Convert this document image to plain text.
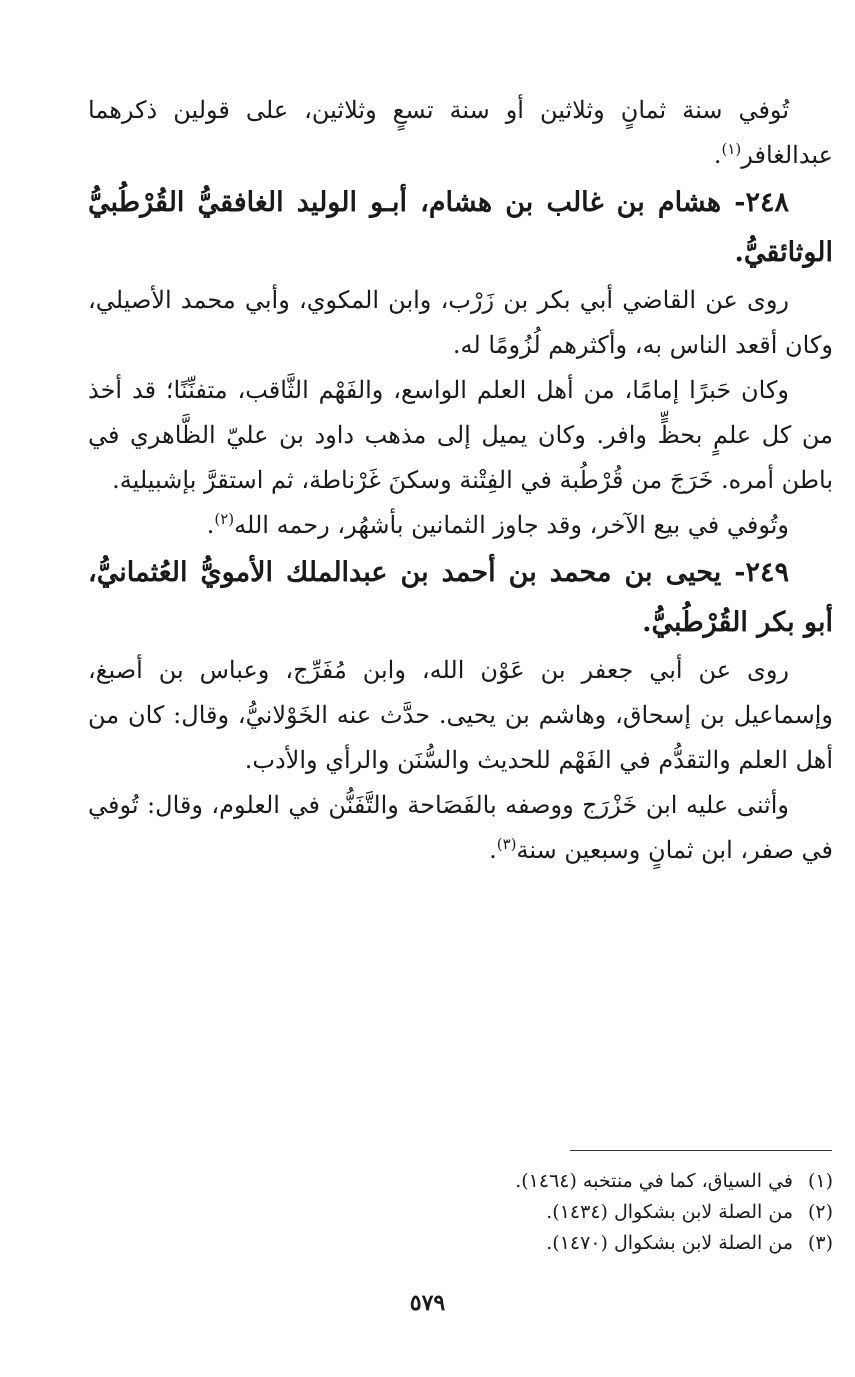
تُوفي سنة ثمانٍ وثلاثين أو سنة تسعٍ وثلاثين، على قولين ذكرهما عبدالغافر$^{(١)}$.

٢٤٨- هشام بن غالب بن هشام، أبـو الوليد الغافقيُّ القُرْطُبيُّ الوثائقيُّ.

روى عن القاضي أبي بكر بن زَرْب، وابن المكوي، وأبي محمد الأصيلي، وكان أقعد الناس به، وأكثرهم لُزُومًا له.

وكان حَبرًا إمامًا، من أهل العلم الواسع، والفَهْم الثَّاقب، متفنِّنًا؛ قد أخذ من كل علمٍ بحظٍّ وافر. وكان يميل إلى مذهب داود بن عليّ الظَّاهري في باطن أمره. خَرَجَ من قُرْطُبة في الفِتْنة وسكنَ غَرْناطة، ثم استقرَّ بإشبيلية.

وتُوفي في بيع الآخر، وقد جاوز الثمانين بأشهُر، رحمه الله$^{(٢)}$.

٢٤٩- يحيى بن محمد بن أحمد بن عبدالملك الأمويُّ العُثمانيُّ، أبو بكر القُرْطُبيُّ.

روى عن أبي جعفر بن عَوْن الله، وابن مُفَرِّج، وعباس بن أصبغ، وإسماعيل بن إسحاق، وهاشم بن يحيى. حدَّث عنه الخَوْلانيُّ، وقال: كان من أهل العلم والتقدُّم في الفَهْم للحديث والسُّنَن والرأي والأدب.

وأثنى عليه ابن خَزْرَج ووصفه بالفَصَاحة والتَّفَنُّن في العلوم، وقال: تُوفي في صفر، ابن ثمانٍ وسبعين سنة$^{(٣)}$.

(١)
في السياق، كما في منتخبه (١٤٦٤).

(٢)
من الصلة لابن بشكوال (١٤٣٤).

(٣)
من الصلة لابن بشكوال (١٤٧٠).

٥٧٩
